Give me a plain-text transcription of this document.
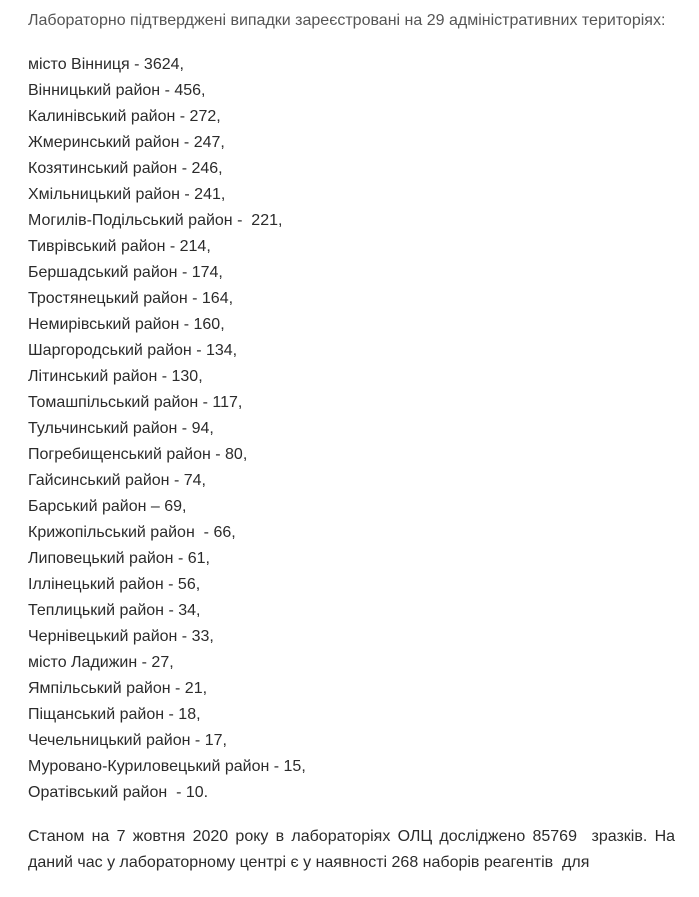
Лабораторно підтверджені випадки зареєстровані на 29 адміністративних територіях:

місто Вінниця - 3624,
Вінницький район - 456,
Калинівський район - 272,
Жмеринський район - 247,
Козятинський район - 246,
Хмільницький район - 241,
Могилів-Подільський район -  221,
Тиврівський район - 214,
Бершадський район - 174,
Тростянецький район - 164,
Немирівський район - 160,
Шаргородський район - 134,
Літинський район - 130,
Томашпільський район - 117,
Тульчинський район - 94,
Погребищенський район - 80,
Гайсинський район - 74,
Барський район – 69,
Крижопільський район  - 66,
Липовецький район - 61,
Іллінецький район - 56,
Теплицький район - 34,
Чернівецький район - 33,
місто Ладижин - 27,
Ямпільський район - 21,
Піщанський район - 18,
Чечельницький район - 17,
Муровано-Куриловецький район - 15,
Оратівський район  - 10.

Станом на 7 жовтня 2020 року в лабораторіях ОЛЦ досліджено 85769  зразків. На даний час у лабораторному центрі є у наявності 268 наборів реагентів  для
